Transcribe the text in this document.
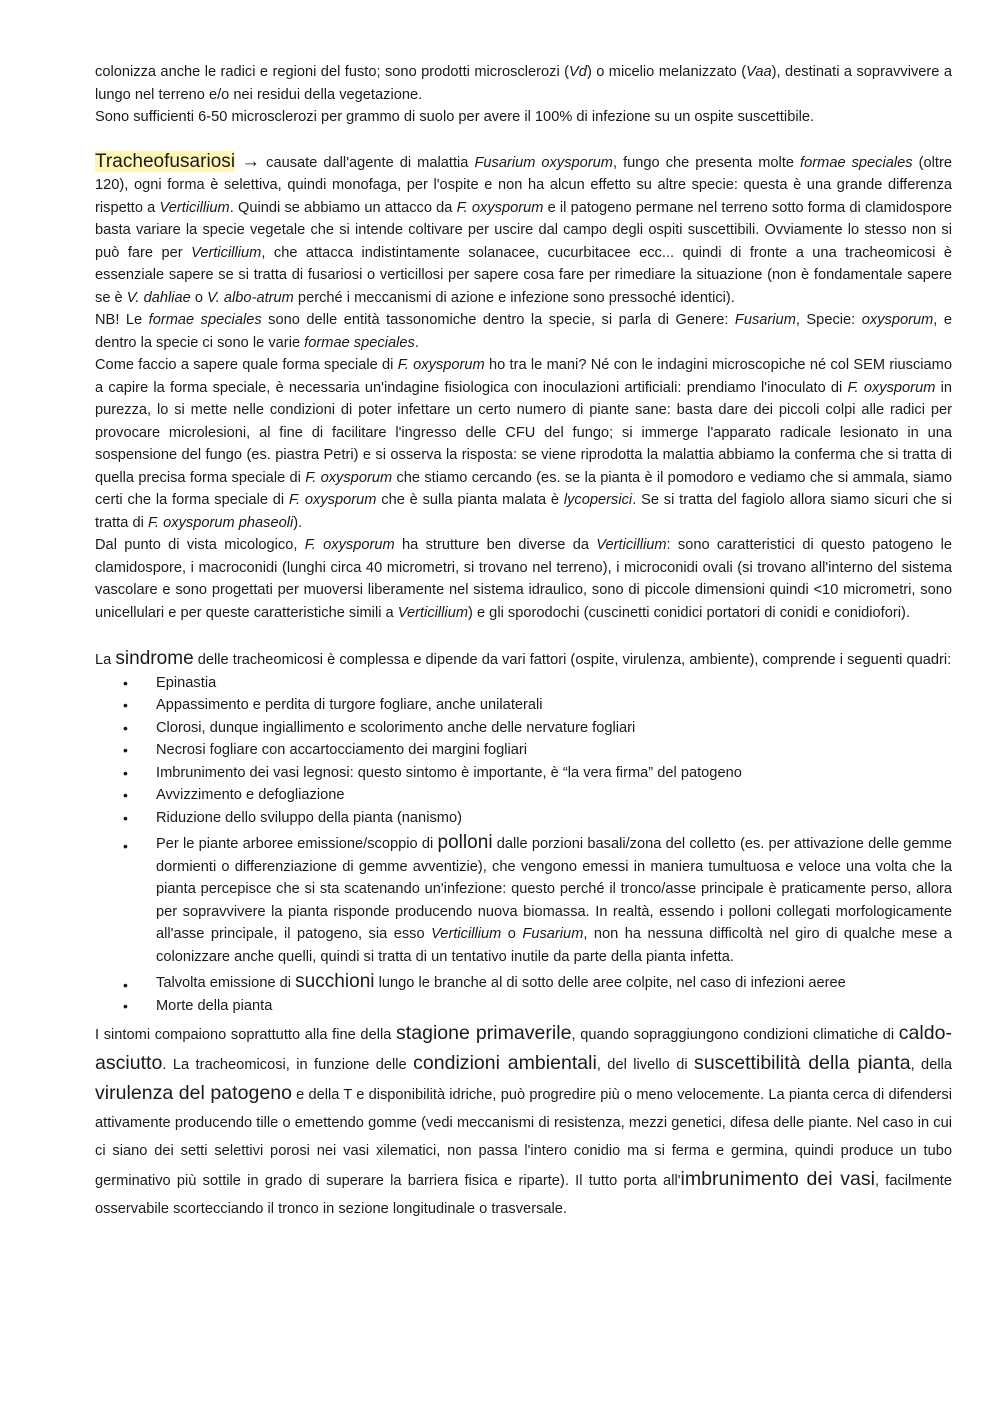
colonizza anche le radici e regioni del fusto; sono prodotti microsclerozi (Vd) o micelio melanizzato (Vaa), destinati a sopravvivere a lungo nel terreno e/o nei residui della vegetazione.

Sono sufficienti 6-50 microsclerozi per grammo di suolo per avere il 100% di infezione su un ospite suscettibile.

Tracheofusariosi → causate dall'agente di malattia Fusarium oxysporum, fungo che presenta molte formae speciales (oltre 120), ogni forma è selettiva, quindi monofaga, per l'ospite e non ha alcun effetto su altre specie: questa è una grande differenza rispetto a Verticillium. Quindi se abbiamo un attacco da F. oxysporum e il patogeno permane nel terreno sotto forma di clamidospore basta variare la specie vegetale che si intende coltivare per uscire dal campo degli ospiti suscettibili. Ovviamente lo stesso non si può fare per Verticillium, che attacca indistintamente solanacee, cucurbitacee ecc... quindi di fronte a una tracheomicosi è essenziale sapere se si tratta di fusariosi o verticillosi per sapere cosa fare per rimediare la situazione (non è fondamentale sapere se è V. dahliae o V. albo-atrum perché i meccanismi di azione e infezione sono pressoché identici).

NB! Le formae speciales sono delle entità tassonomiche dentro la specie, si parla di Genere: Fusarium, Specie: oxysporum, e dentro la specie ci sono le varie formae speciales.

Come faccio a sapere quale forma speciale di F. oxysporum ho tra le mani? Né con le indagini microscopiche né col SEM riusciamo a capire la forma speciale, è necessaria un'indagine fisiologica con inoculazioni artificiali: prendiamo l'inoculato di F. oxysporum in purezza, lo si mette nelle condizioni di poter infettare un certo numero di piante sane: basta dare dei piccoli colpi alle radici per provocare microlesioni, al fine di facilitare l'ingresso delle CFU del fungo; si immerge l'apparato radicale lesionato in una sospensione del fungo (es. piastra Petri) e si osserva la risposta: se viene riprodotta la malattia abbiamo la conferma che si tratta di quella precisa forma speciale di F. oxysporum che stiamo cercando (es. se la pianta è il pomodoro e vediamo che si ammala, siamo certi che la forma speciale di F. oxysporum che è sulla pianta malata è lycopersici. Se si tratta del fagiolo allora siamo sicuri che si tratta di F. oxysporum phaseoli).

Dal punto di vista micologico, F. oxysporum ha strutture ben diverse da Verticillium: sono caratteristici di questo patogeno le clamidospore, i macroconidi (lunghi circa 40 micrometri, si trovano nel terreno), i microconidi ovali (si trovano all'interno del sistema vascolare e sono progettati per muoversi liberamente nel sistema idraulico, sono di piccole dimensioni quindi <10 micrometri, sono unicellulari e per queste caratteristiche simili a Verticillium) e gli sporodochi (cuscinetti conidici portatori di conidi e conidiofori).

La sindrome delle tracheomicosi è complessa e dipende da vari fattori (ospite, virulenza, ambiente), comprende i seguenti quadri:

• Epinastia
• Appassimento e perdita di turgore fogliare, anche unilaterali
• Clorosi, dunque ingiallimento e scolorimento anche delle nervature fogliari
• Necrosi fogliare con accartocciamento dei margini fogliari
• Imbrunimento dei vasi legnosi: questo sintomo è importante, è “la vera firma” del patogeno
• Avvizzimento e defogliazione
• Riduzione dello sviluppo della pianta (nanismo)
• Per le piante arboree emissione/scoppio di polloni dalle porzioni basali/zona del colletto (es. per attivazione delle gemme dormienti o differenziazione di gemme avventizie), che vengono emessi in maniera tumultuosa e veloce una volta che la pianta percepisce che si sta scatenando un'infezione: questo perché il tronco/asse principale è praticamente perso, allora per sopravvivere la pianta risponde producendo nuova biomassa. In realtà, essendo i polloni collegati morfologicamente all'asse principale, il patogeno, sia esso Verticillium o Fusarium, non ha nessuna difficoltà nel giro di qualche mese a colonizzare anche quelli, quindi si tratta di un tentativo inutile da parte della pianta infetta.
• Talvolta emissione di succhioni lungo le branche al di sotto delle aree colpite, nel caso di infezioni aeree
• Morte della pianta

I sintomi compaiono soprattutto alla fine della stagione primaverile, quando sopraggiungono condizioni climatiche di caldo-asciutto. La tracheomicosi, in funzione delle condizioni ambientali, del livello di suscettibilità della pianta, della virulenza del patogeno e della T e disponibilità idriche, può progredire più o meno velocemente. La pianta cerca di difendersi attivamente producendo tille o emettendo gomme (vedi meccanismi di resistenza, mezzi genetici, difesa delle piante. Nel caso in cui ci siano dei setti selettivi porosi nei vasi xilematici, non passa l'intero conidio ma si ferma e germina, quindi produce un tubo germinativo più sottile in grado di superare la barriera fisica e riparte). Il tutto porta all'imbrunimento dei vasi, facilmente osservabile scortecciando il tronco in sezione longitudinale o trasversale.
